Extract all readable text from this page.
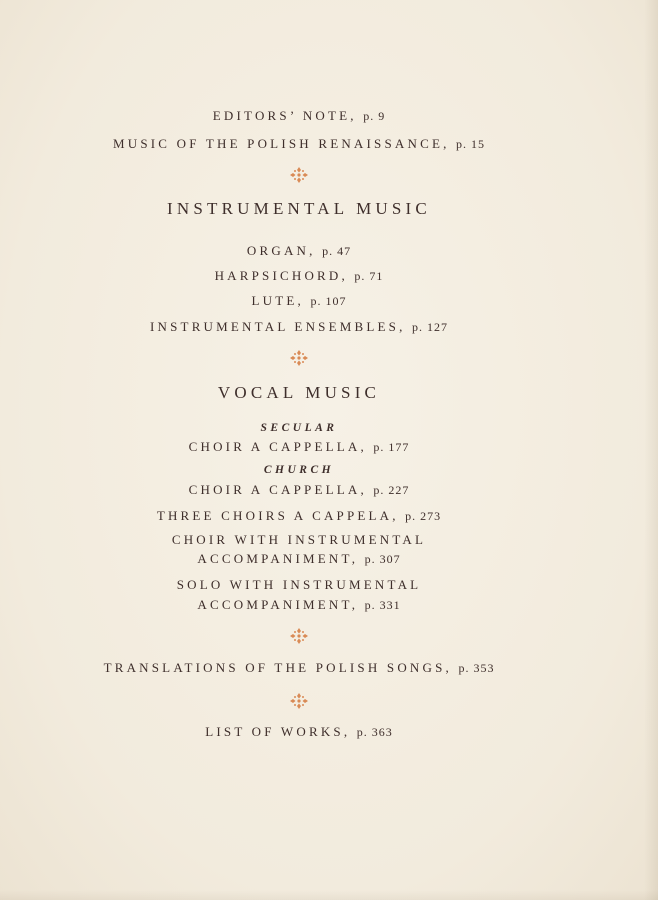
EDITORS’ NOTE, p. 9
MUSIC OF THE POLISH RENAISSANCE, p. 15
INSTRUMENTAL MUSIC
ORGAN, p. 47
HARPSICHORD, p. 71
LUTE, p. 107
INSTRUMENTAL ENSEMBLES, p. 127
VOCAL MUSIC
SECULAR
CHOIR A CAPPELLA, p. 177
CHURCH
CHOIR A CAPPELLA, p. 227
THREE CHOIRS A CAPPELA, p. 273
CHOIR WITH INSTRUMENTAL
ACCOMPANIMENT, p. 307
SOLO WITH INSTRUMENTAL
ACCOMPANIMENT, p. 331
TRANSLATIONS OF THE POLISH SONGS, p. 353
LIST OF WORKS, p. 363
